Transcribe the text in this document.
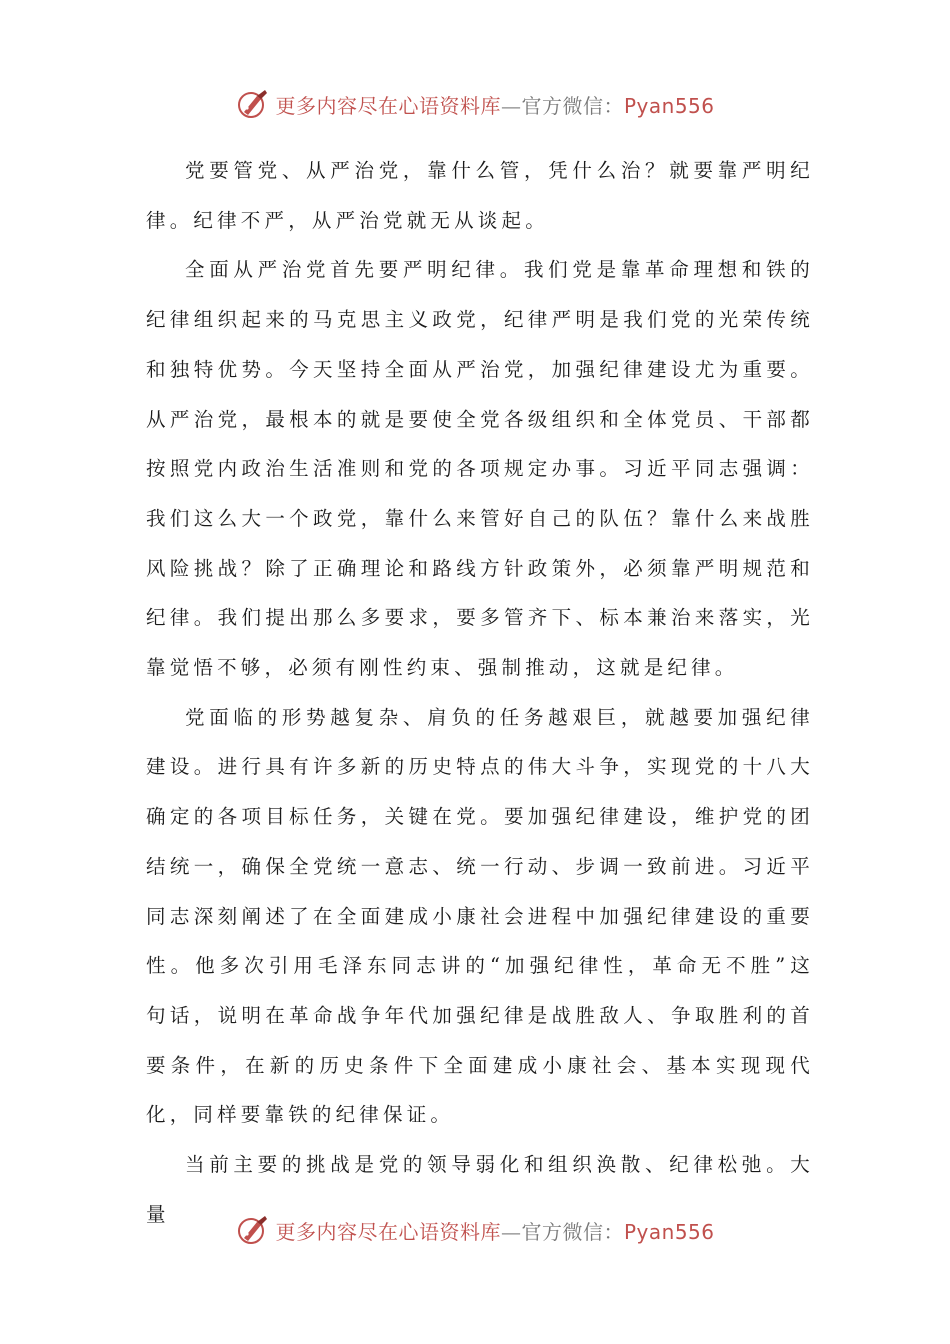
更多内容尽在心语资料库—官方微信：Pyan556

党要管党、从严治党，靠什么管，凭什么治？就要靠严明纪律。纪律不严，从严治党就无从谈起。

全面从严治党首先要严明纪律。我们党是靠革命理想和铁的纪律组织起来的马克思主义政党，纪律严明是我们党的光荣传统和独特优势。今天坚持全面从严治党，加强纪律建设尤为重要。从严治党，最根本的就是要使全党各级组织和全体党员、干部都按照党内政治生活准则和党的各项规定办事。习近平同志强调：我们这么大一个政党，靠什么来管好自己的队伍？靠什么来战胜风险挑战？除了正确理论和路线方针政策外，必须靠严明规范和纪律。我们提出那么多要求，要多管齐下、标本兼治来落实，光靠觉悟不够，必须有刚性约束、强制推动，这就是纪律。

党面临的形势越复杂、肩负的任务越艰巨，就越要加强纪律建设。进行具有许多新的历史特点的伟大斗争，实现党的十八大确定的各项目标任务，关键在党。要加强纪律建设，维护党的团结统一，确保全党统一意志、统一行动、步调一致前进。习近平同志深刻阐述了在全面建成小康社会进程中加强纪律建设的重要性。他多次引用毛泽东同志讲的“加强纪律性，革命无不胜”这句话，说明在革命战争年代加强纪律是战胜敌人、争取胜利的首要条件，在新的历史条件下全面建成小康社会、基本实现现代化，同样要靠铁的纪律保证。

当前主要的挑战是党的领导弱化和组织涣散、纪律松弛。大量

更多内容尽在心语资料库—官方微信：Pyan556
